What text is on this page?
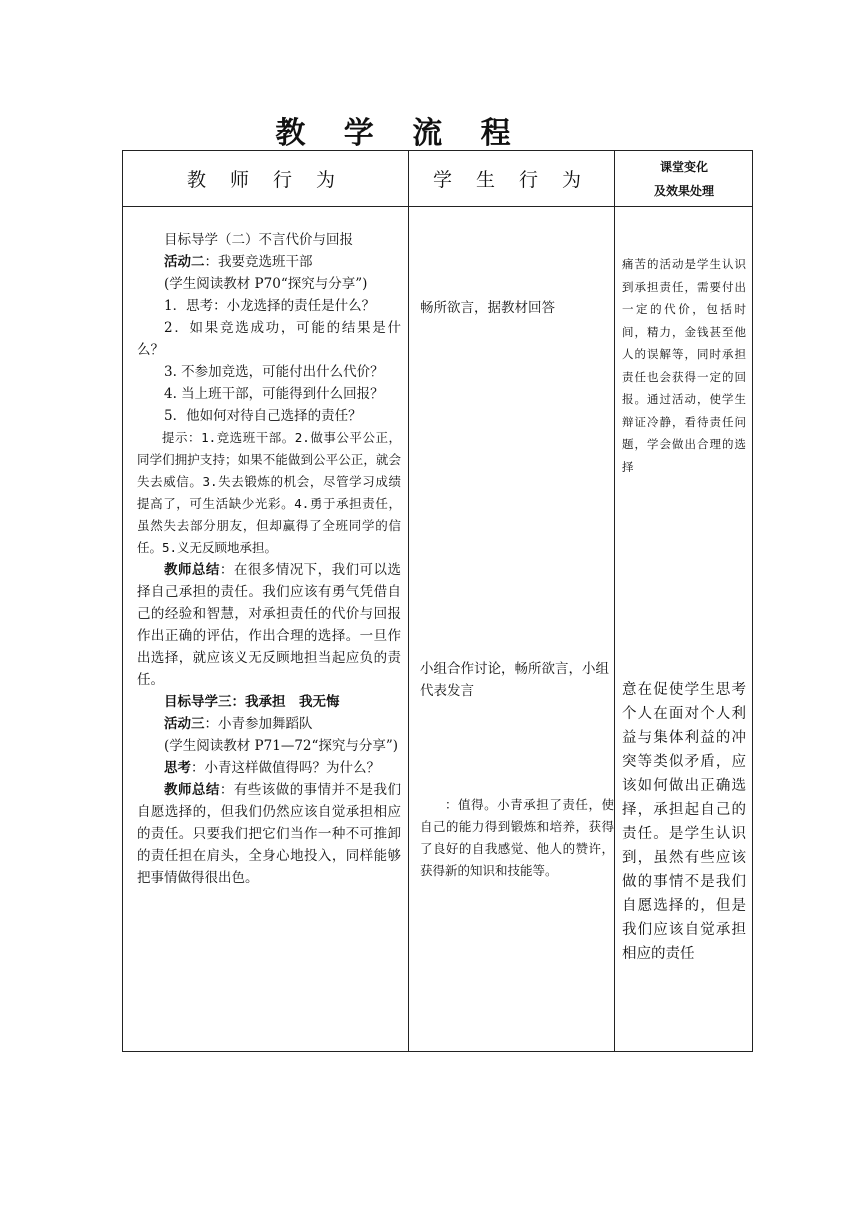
教 学 流 程
教 师 行 为	学 生 行 为
课堂变化
及效果处理

目标导学（二）不言代价与回报

活动二：我要竞选班干部

(学生阅读教材 P70“探究与分享”)

1．思考：小龙选择的责任是什么？

2．如果竞选成功，可能的结果是什么？

3. 不参加竞选，可能付出什么代价？

4. 当上班干部，可能得到什么回报？

5．他如何对待自己选择的责任？

提示：1.竞选班干部。2.做事公平公正，同学们拥护支持；如果不能做到公平公正，就会失去威信。3.失去锻炼的机会，尽管学习成绩提高了，可生活缺少光彩。4.勇于承担责任，虽然失去部分朋友，但却赢得了全班同学的信任。5.义无反顾地承担。

教师总结：在很多情况下，我们可以选择自己承担的责任。我们应该有勇气凭借自己的经验和智慧，对承担责任的代价与回报作出正确的评估，作出合理的选择。一旦作出选择，就应该义无反顾地担当起应负的责任。

目标导学三：我承担　我无悔

活动三：小青参加舞蹈队

(学生阅读教材 P71—72“探究与分享”)

思考：小青这样做值得吗？为什么？

教师总结：有些该做的事情并不是我们自愿选择的，但我们仍然应该自觉承担相应的责任。只要我们把它们当作一种不可推卸的责任担在肩头，全身心地投入，同样能够把事情做得很出色。

畅所欲言，据教材回答
小组合作讨论，畅所欲言，小组代表发言
：值得。小青承担了责任，使自己的能力得到锻炼和培养，获得了良好的自我感觉、他人的赞许，获得新的知识和技能等。
痛苦的活动是学生认识到承担责任，需要付出一定的代价，包括时间，精力，金钱甚至他人的误解等，同时承担责任也会获得一定的回报。通过活动，使学生辩证冷静，看待责任问题，学会做出合理的选择
意在促使学生思考个人在面对个人利益与集体利益的冲突等类似矛盾，应该如何做出正确选择，承担起自己的责任。是学生认识到，虽然有些应该做的事情不是我们自愿选择的，但是我们应该自觉承担相应的责任
